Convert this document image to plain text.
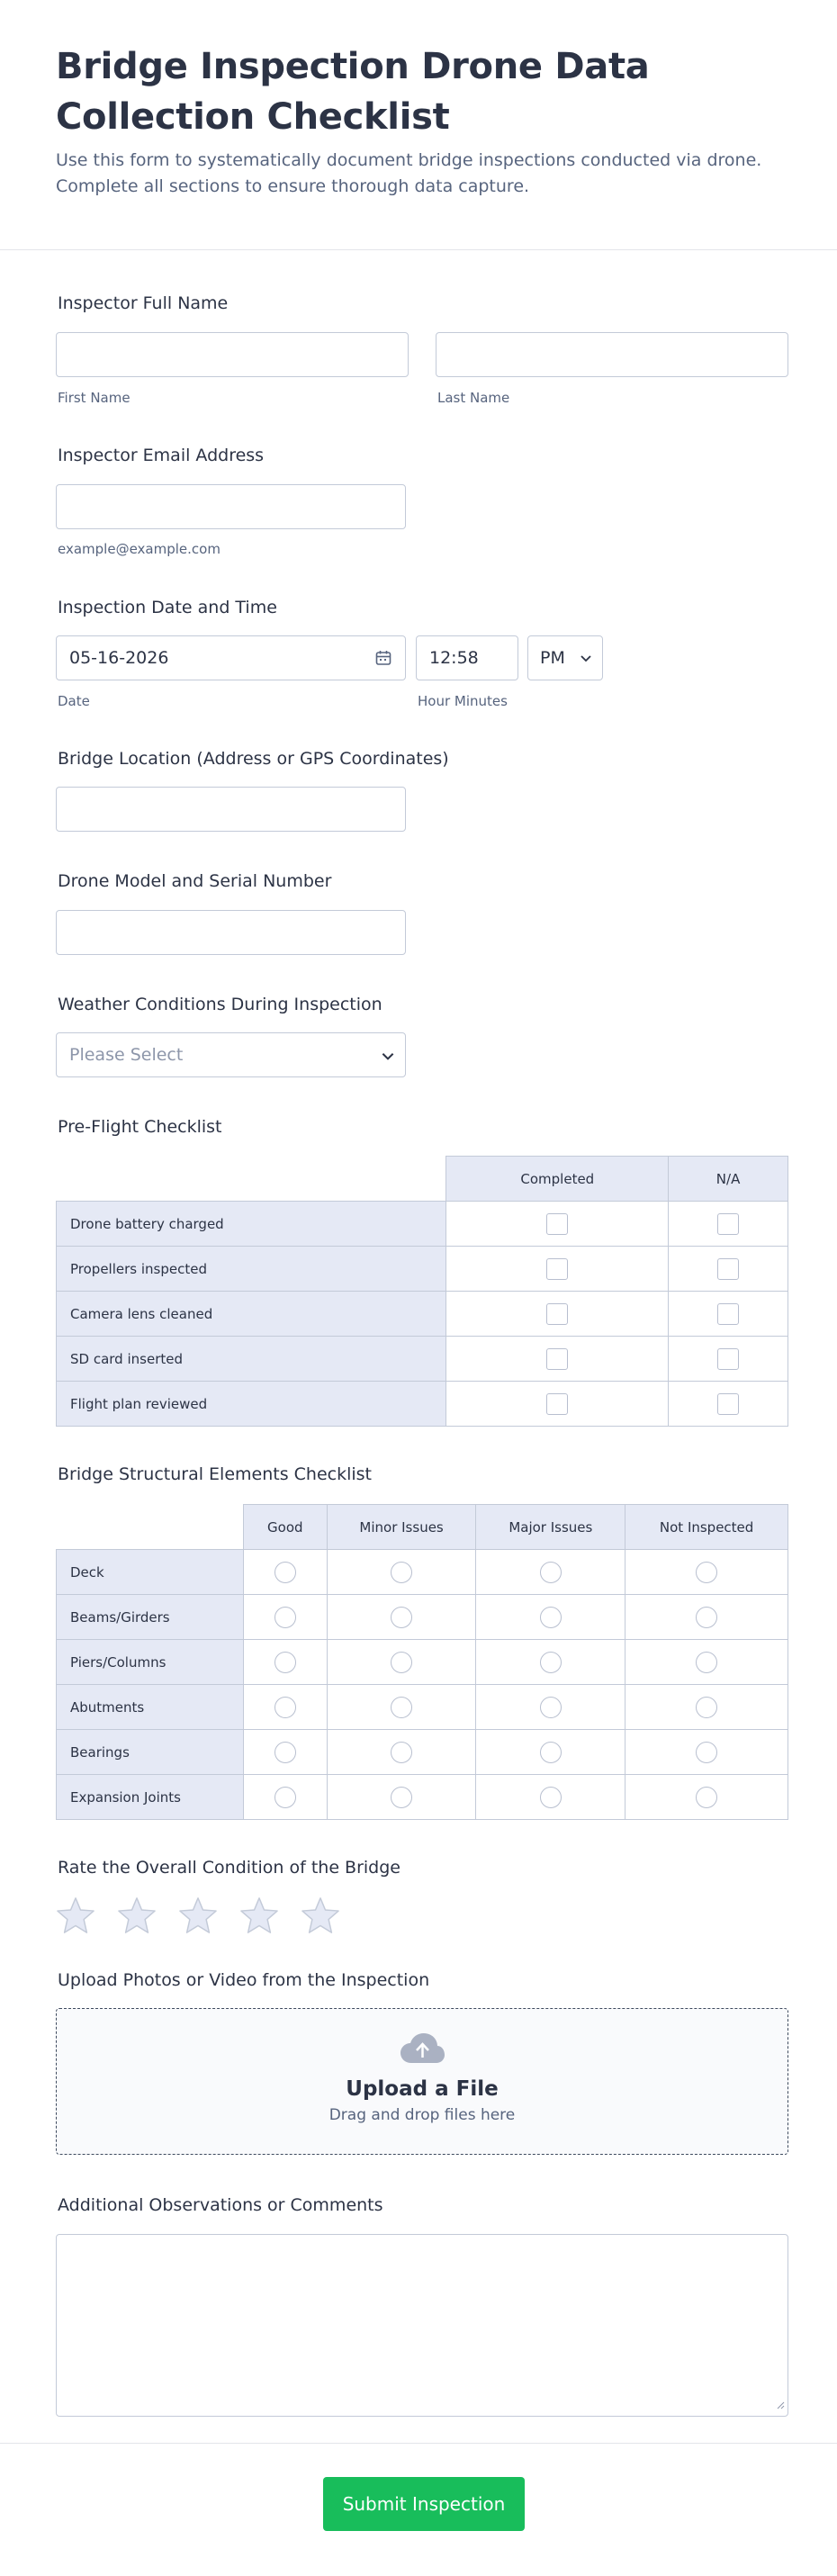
Bridge Inspection Drone Data Collection Checklist

Use this form to systematically document bridge inspections conducted via drone. Complete all sections to ensure thorough data capture.

Inspector Full Name
First Name	Last Name
Inspector Email Address
example@example.com
Inspection Date and Time
05-16-2026	12:58	PM
Date	Hour Minutes
Bridge Location (Address or GPS Coordinates)
Drone Model and Serial Number
Weather Conditions During Inspection
Please Select
Pre-Flight Checklist
	Completed	N/A
Drone battery charged		
Propellers inspected		
Camera lens cleaned		
SD card inserted		
Flight plan reviewed		
Bridge Structural Elements Checklist
	Good	Minor Issues	Major Issues	Not Inspected
Deck				
Beams/Girders				
Piers/Columns				
Abutments				
Bearings				
Expansion Joints				
Rate the Overall Condition of the Bridge
Upload Photos or Video from the Inspection
Upload a File
Drag and drop files here
Additional Observations or Comments
Submit Inspection
